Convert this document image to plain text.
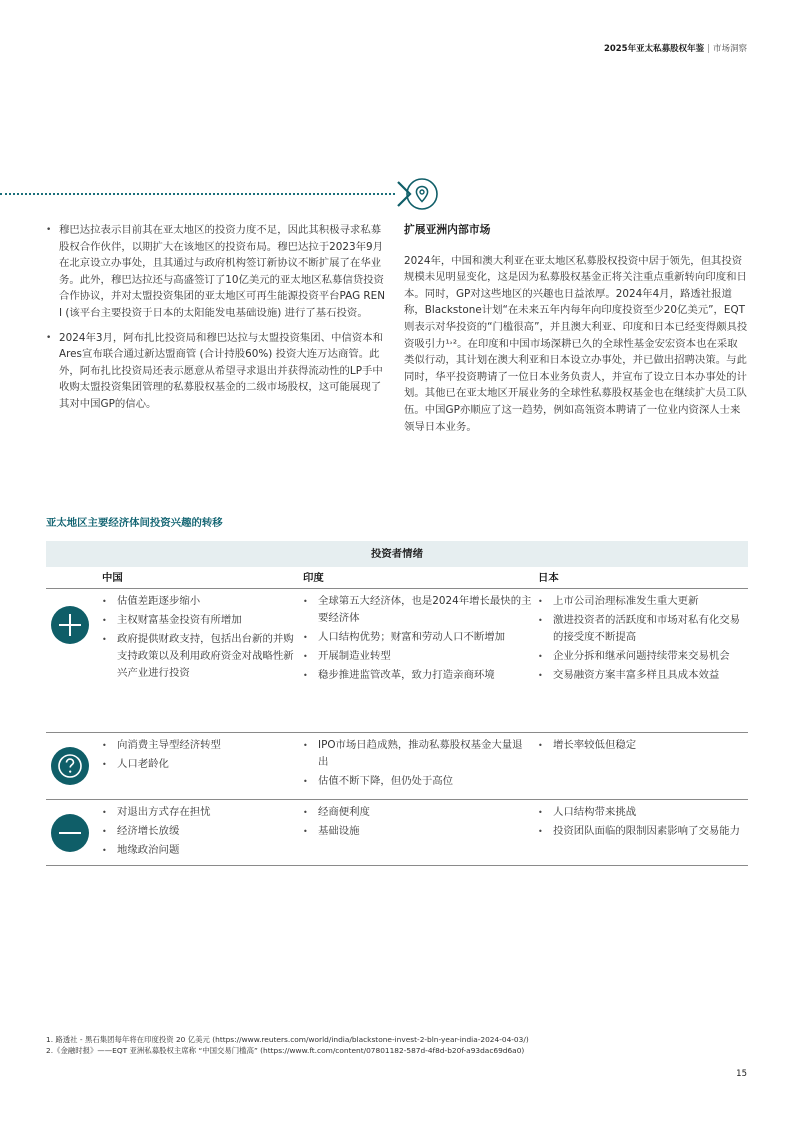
2025年亚太私募股权年鉴 | 市场洞察
• 穆巴达拉表示目前其在亚太地区的投资力度不足，因此其积极寻求私募股权合作伙伴，以期扩大在该地区的投资布局。穆巴达拉于2023年9月在北京设立办事处，且其通过与政府机构签订新协议不断扩展了在华业务。此外，穆巴达拉还与高盛签订了10亿美元的亚太地区私募信贷投资合作协议，并对太盟投资集团的亚太地区可再生能源投资平台PAG REN I (该平台主要投资于日本的太阳能发电基础设施) 进行了基石投资。
• 2024年3月，阿布扎比投资局和穆巴达拉与太盟投资集团、中信资本和Ares宣布联合通过新达盟商管 (合计持股60%) 投资大连万达商管。此外，阿布扎比投资局还表示愿意从希望寻求退出并获得流动性的LP手中收购太盟投资集团管理的私募股权基金的二级市场股权，这可能展现了其对中国GP的信心。
扩展亚洲内部市场

2024年，中国和澳大利亚在亚太地区私募股权投资中居于领先，但其投资规模未见明显变化，这是因为私募股权基金正将关注重点重新转向印度和日本。同时，GP对这些地区的兴趣也日益浓厚。2024年4月，路透社报道称，Blackstone计划“在未来五年内每年向印度投资至少20亿美元”，EQT则表示对华投资的“门槛很高”，并且澳大利亚、印度和日本已经变得颇具投资吸引力¹˒²。在印度和中国市场深耕已久的全球性基金安宏资本也在采取类似行动，其计划在澳大利亚和日本设立办事处，并已做出招聘决策。与此同时，华平投资聘请了一位日本业务负责人，并宣布了设立日本办事处的计划。其他已在亚太地区开展业务的全球性私募股权基金也在继续扩大员工队伍。中国GP亦顺应了这一趋势，例如高瓴资本聘请了一位业内资深人士来领导日本业务。

亚太地区主要经济体间投资兴趣的转移
投资者情绪
中国	印度	日本
• 估值差距逐步缩小
• 主权财富基金投资有所增加
• 政府提供财政支持，包括出台新的并购支持政策以及利用政府资金对战略性新兴产业进行投资
• 全球第五大经济体，也是2024年增长最快的主要经济体
• 人口结构优势；财富和劳动人口不断增加
• 开展制造业转型
• 稳步推进监管改革，致力打造亲商环境
• 上市公司治理标准发生重大更新
• 激进投资者的活跃度和市场对私有化交易的接受度不断提高
• 企业分拆和继承问题持续带来交易机会
• 交易融资方案丰富多样且具成本效益
• 向消费主导型经济转型
• 人口老龄化
• IPO市场日趋成熟，推动私募股权基金大量退出
• 估值不断下降，但仍处于高位
• 增长率较低但稳定
• 对退出方式存在担忧
• 经济增长放缓
• 地缘政治问题
• 经商便利度
• 基础设施
• 人口结构带来挑战
• 投资团队面临的限制因素影响了交易能力
1. 路透社 - 黑石集团每年将在印度投资 20 亿美元 (https://www.reuters.com/world/india/blackstone-invest-2-bln-year-india-2024-04-03/)
2.《金融时报》——EQT 亚洲私募股权主席称 “中国交易门槛高” (https://www.ft.com/content/07801182-587d-4f8d-b20f-a93dac69d6a0)
15
